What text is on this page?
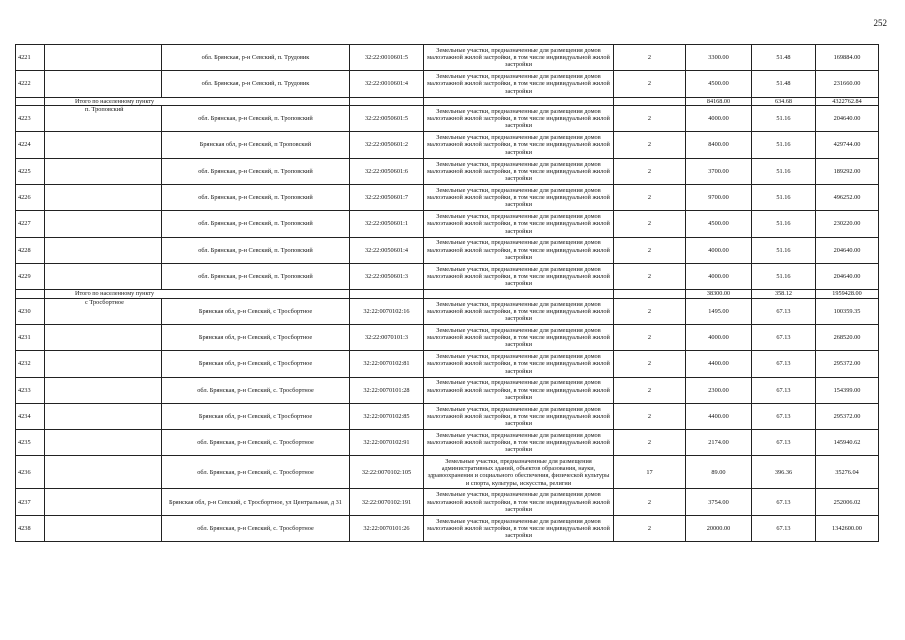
252
4221		обл. Брянская, р-н Севский, п. Трудовик	32:22:0010601:5	Земельные участки, предназначенные для размещения домов малоэтажной жилой застройки, в том числе индивидуальной жилой застройки	2	3300.00	51.48	169884.00
4222		обл. Брянская, р-н Севский, п. Трудовик	32:22:0010601:4	Земельные участки, предназначенные для размещения домов малоэтажной жилой застройки, в том числе индивидуальной жилой застройки	2	4500.00	51.48	231660.00
	Итого по населенному пункту					84168.00	634.68	4322762.84
4223	п. Троповский	обл. Брянская, р-н Севский, п. Троповский	32:22:0050601:5	Земельные участки, предназначенные для размещения домов малоэтажной жилой застройки, в том числе индивидуальной жилой застройки	2	4000.00	51.16	204640.00
4224		Брянская обл, р-н Севский, п Троповский	32:22:0050601:2	Земельные участки, предназначенные для размещения домов малоэтажной жилой застройки, в том числе индивидуальной жилой застройки	2	8400.00	51.16	429744.00
4225		обл. Брянская, р-н Севский, п. Троповский	32:22:0050601:6	Земельные участки, предназначенные для размещения домов малоэтажной жилой застройки, в том числе индивидуальной жилой застройки	2	3700.00	51.16	189292.00
4226		обл. Брянская, р-н Севский, п. Троповский	32:22:0050601:7	Земельные участки, предназначенные для размещения домов малоэтажной жилой застройки, в том числе индивидуальной жилой застройки	2	9700.00	51.16	496252.00
4227		обл. Брянская, р-н Севский, п. Троповский	32:22:0050601:1	Земельные участки, предназначенные для размещения домов малоэтажной жилой застройки, в том числе индивидуальной жилой застройки	2	4500.00	51.16	230220.00
4228		обл. Брянская, р-н Севский, п. Троповский	32:22:0050601:4	Земельные участки, предназначенные для размещения домов малоэтажной жилой застройки, в том числе индивидуальной жилой застройки	2	4000.00	51.16	204640.00
4229		обл. Брянская, р-н Севский, п. Троповский	32:22:0050601:3	Земельные участки, предназначенные для размещения домов малоэтажной жилой застройки, в том числе индивидуальной жилой застройки	2	4000.00	51.16	204640.00
	Итого по населенному пункту					38300.00	358.12	1959428.00
4230	с Тросбортное	Брянская обл, р-н Севский, с Тросбортное	32:22:0070102:16	Земельные участки, предназначенные для размещения домов малоэтажной жилой застройки, в том числе индивидуальной жилой застройки	2	1495.00	67.13	100359.35
4231		Брянская обл, р-н Севский, с Тросбортное	32:22:0070101:3	Земельные участки, предназначенные для размещения домов малоэтажной жилой застройки, в том числе индивидуальной жилой застройки	2	4000.00	67.13	268520.00
4232		Брянская обл, р-н Севский, с Тросбортное	32:22:0070102:81	Земельные участки, предназначенные для размещения домов малоэтажной жилой застройки, в том числе индивидуальной жилой застройки	2	4400.00	67.13	295372.00
4233		обл. Брянская, р-н Севский, с. Тросбортное	32:22:0070101:28	Земельные участки, предназначенные для размещения домов малоэтажной жилой застройки, в том числе индивидуальной жилой застройки	2	2300.00	67.13	154399.00
4234		Брянская обл, р-н Севский, с Тросбортное	32:22:0070102:85	Земельные участки, предназначенные для размещения домов малоэтажной жилой застройки, в том числе индивидуальной жилой застройки	2	4400.00	67.13	295372.00
4235		обл. Брянская, р-н Севский, с. Тросбортное	32:22:0070102:91	Земельные участки, предназначенные для размещения домов малоэтажной жилой застройки, в том числе индивидуальной жилой застройки	2	2174.00	67.13	145940.62
4236		обл. Брянская, р-н Севский, с. Тросбортное	32:22:0070102:105	Земельные участки, предназначенные для размещения административных зданий, объектов образования, науки, здравоохранения и социального обеспечения, физической культуры и спорта, культуры, искусства, религии	17	89.00	396.36	35276.04
4237		Брянская обл, р-н Севский, с Тросбортное, ул Центральная, д 31	32:22:0070102:191	Земельные участки, предназначенные для размещения домов малоэтажной жилой застройки, в том числе индивидуальной жилой застройки	2	3754.00	67.13	252006.02
4238		обл. Брянская, р-н Севский, с. Тросбортное	32:22:0070101:26	Земельные участки, предназначенные для размещения домов малоэтажной жилой застройки, в том числе индивидуальной жилой застройки	2	20000.00	67.13	1342600.00
